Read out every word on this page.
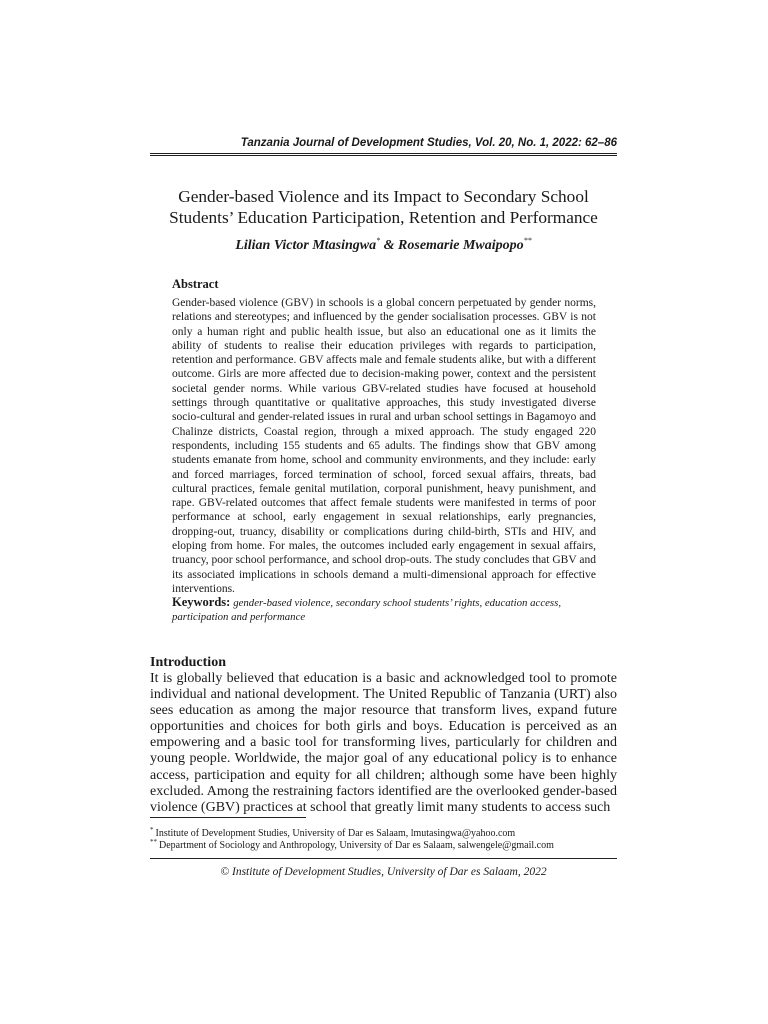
Tanzania Journal of Development Studies, Vol. 20, No. 1, 2022: 62–86
Gender-based Violence and its Impact to Secondary School
Students’ Education Participation, Retention and Performance
Lilian Victor Mtasingwa* & Rosemarie Mwaipopo**
Abstract
Gender-based violence (GBV) in schools is a global concern perpetuated by gender norms, relations and stereotypes; and influenced by the gender socialisation processes. GBV is not only a human right and public health issue, but also an educational one as it limits the ability of students to realise their education privileges with regards to participation, retention and performance. GBV affects male and female students alike, but with a different outcome. Girls are more affected due to decision-making power, context and the persistent societal gender norms. While various GBV-related studies have focused at household settings through quantitative or qualitative approaches, this study investigated diverse socio-cultural and gender-related issues in rural and urban school settings in Bagamoyo and Chalinze districts, Coastal region, through a mixed approach. The study engaged 220 respondents, including 155 students and 65 adults. The findings show that GBV among students emanate from home, school and community environments, and they include: early and forced marriages, forced termination of school, forced sexual affairs, threats, bad cultural practices, female genital mutilation, corporal punishment, heavy punishment, and rape. GBV-related outcomes that affect female students were manifested in terms of poor performance at school, early engagement in sexual relationships, early pregnancies, dropping-out, truancy, disability or complications during child-birth, STIs and HIV, and eloping from home. For males, the outcomes included early engagement in sexual affairs, truancy, poor school performance, and school drop-outs. The study concludes that GBV and its associated implications in schools demand a multi-dimensional approach for effective interventions.
Keywords: gender-based violence, secondary school students’ rights, education access, participation and performance
Introduction
It is globally believed that education is a basic and acknowledged tool to promote individual and national development. The United Republic of Tanzania (URT) also sees education as among the major resource that transform lives, expand future opportunities and choices for both girls and boys. Education is perceived as an empowering and a basic tool for transforming lives, particularly for children and young people. Worldwide, the major goal of any educational policy is to enhance access, participation and equity for all children; although some have been highly excluded. Among the restraining factors identified are the overlooked gender-based violence (GBV) practices at school that greatly limit many students to access such
* Institute of Development Studies, University of Dar es Salaam, lmutasingwa@yahoo.com
** Department of Sociology and Anthropology, University of Dar es Salaam, salwengele@gmail.com
© Institute of Development Studies, University of Dar es Salaam, 2022
